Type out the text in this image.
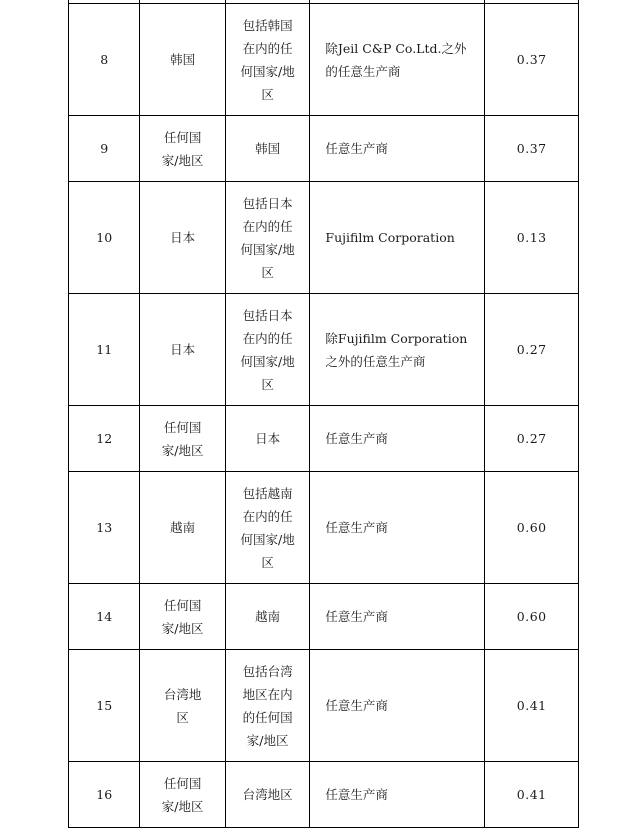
8	韩国	包括韩国在内的任何国家/地区	除Jeil C&P Co.Ltd.之外的任意生产商	0.37
9	任何国家/地区	韩国	任意生产商	0.37
10	日本	包括日本在内的任何国家/地区	Fujifilm Corporation	0.13
11	日本	包括日本在内的任何国家/地区	除Fujifilm Corporation之外的任意生产商	0.27
12	任何国家/地区	日本	任意生产商	0.27
13	越南	包括越南在内的任何国家/地区	任意生产商	0.60
14	任何国家/地区	越南	任意生产商	0.60
15	台湾地区	包括台湾地区在内的任何国家/地区	任意生产商	0.41
16	任何国家/地区	台湾地区	任意生产商	0.41
